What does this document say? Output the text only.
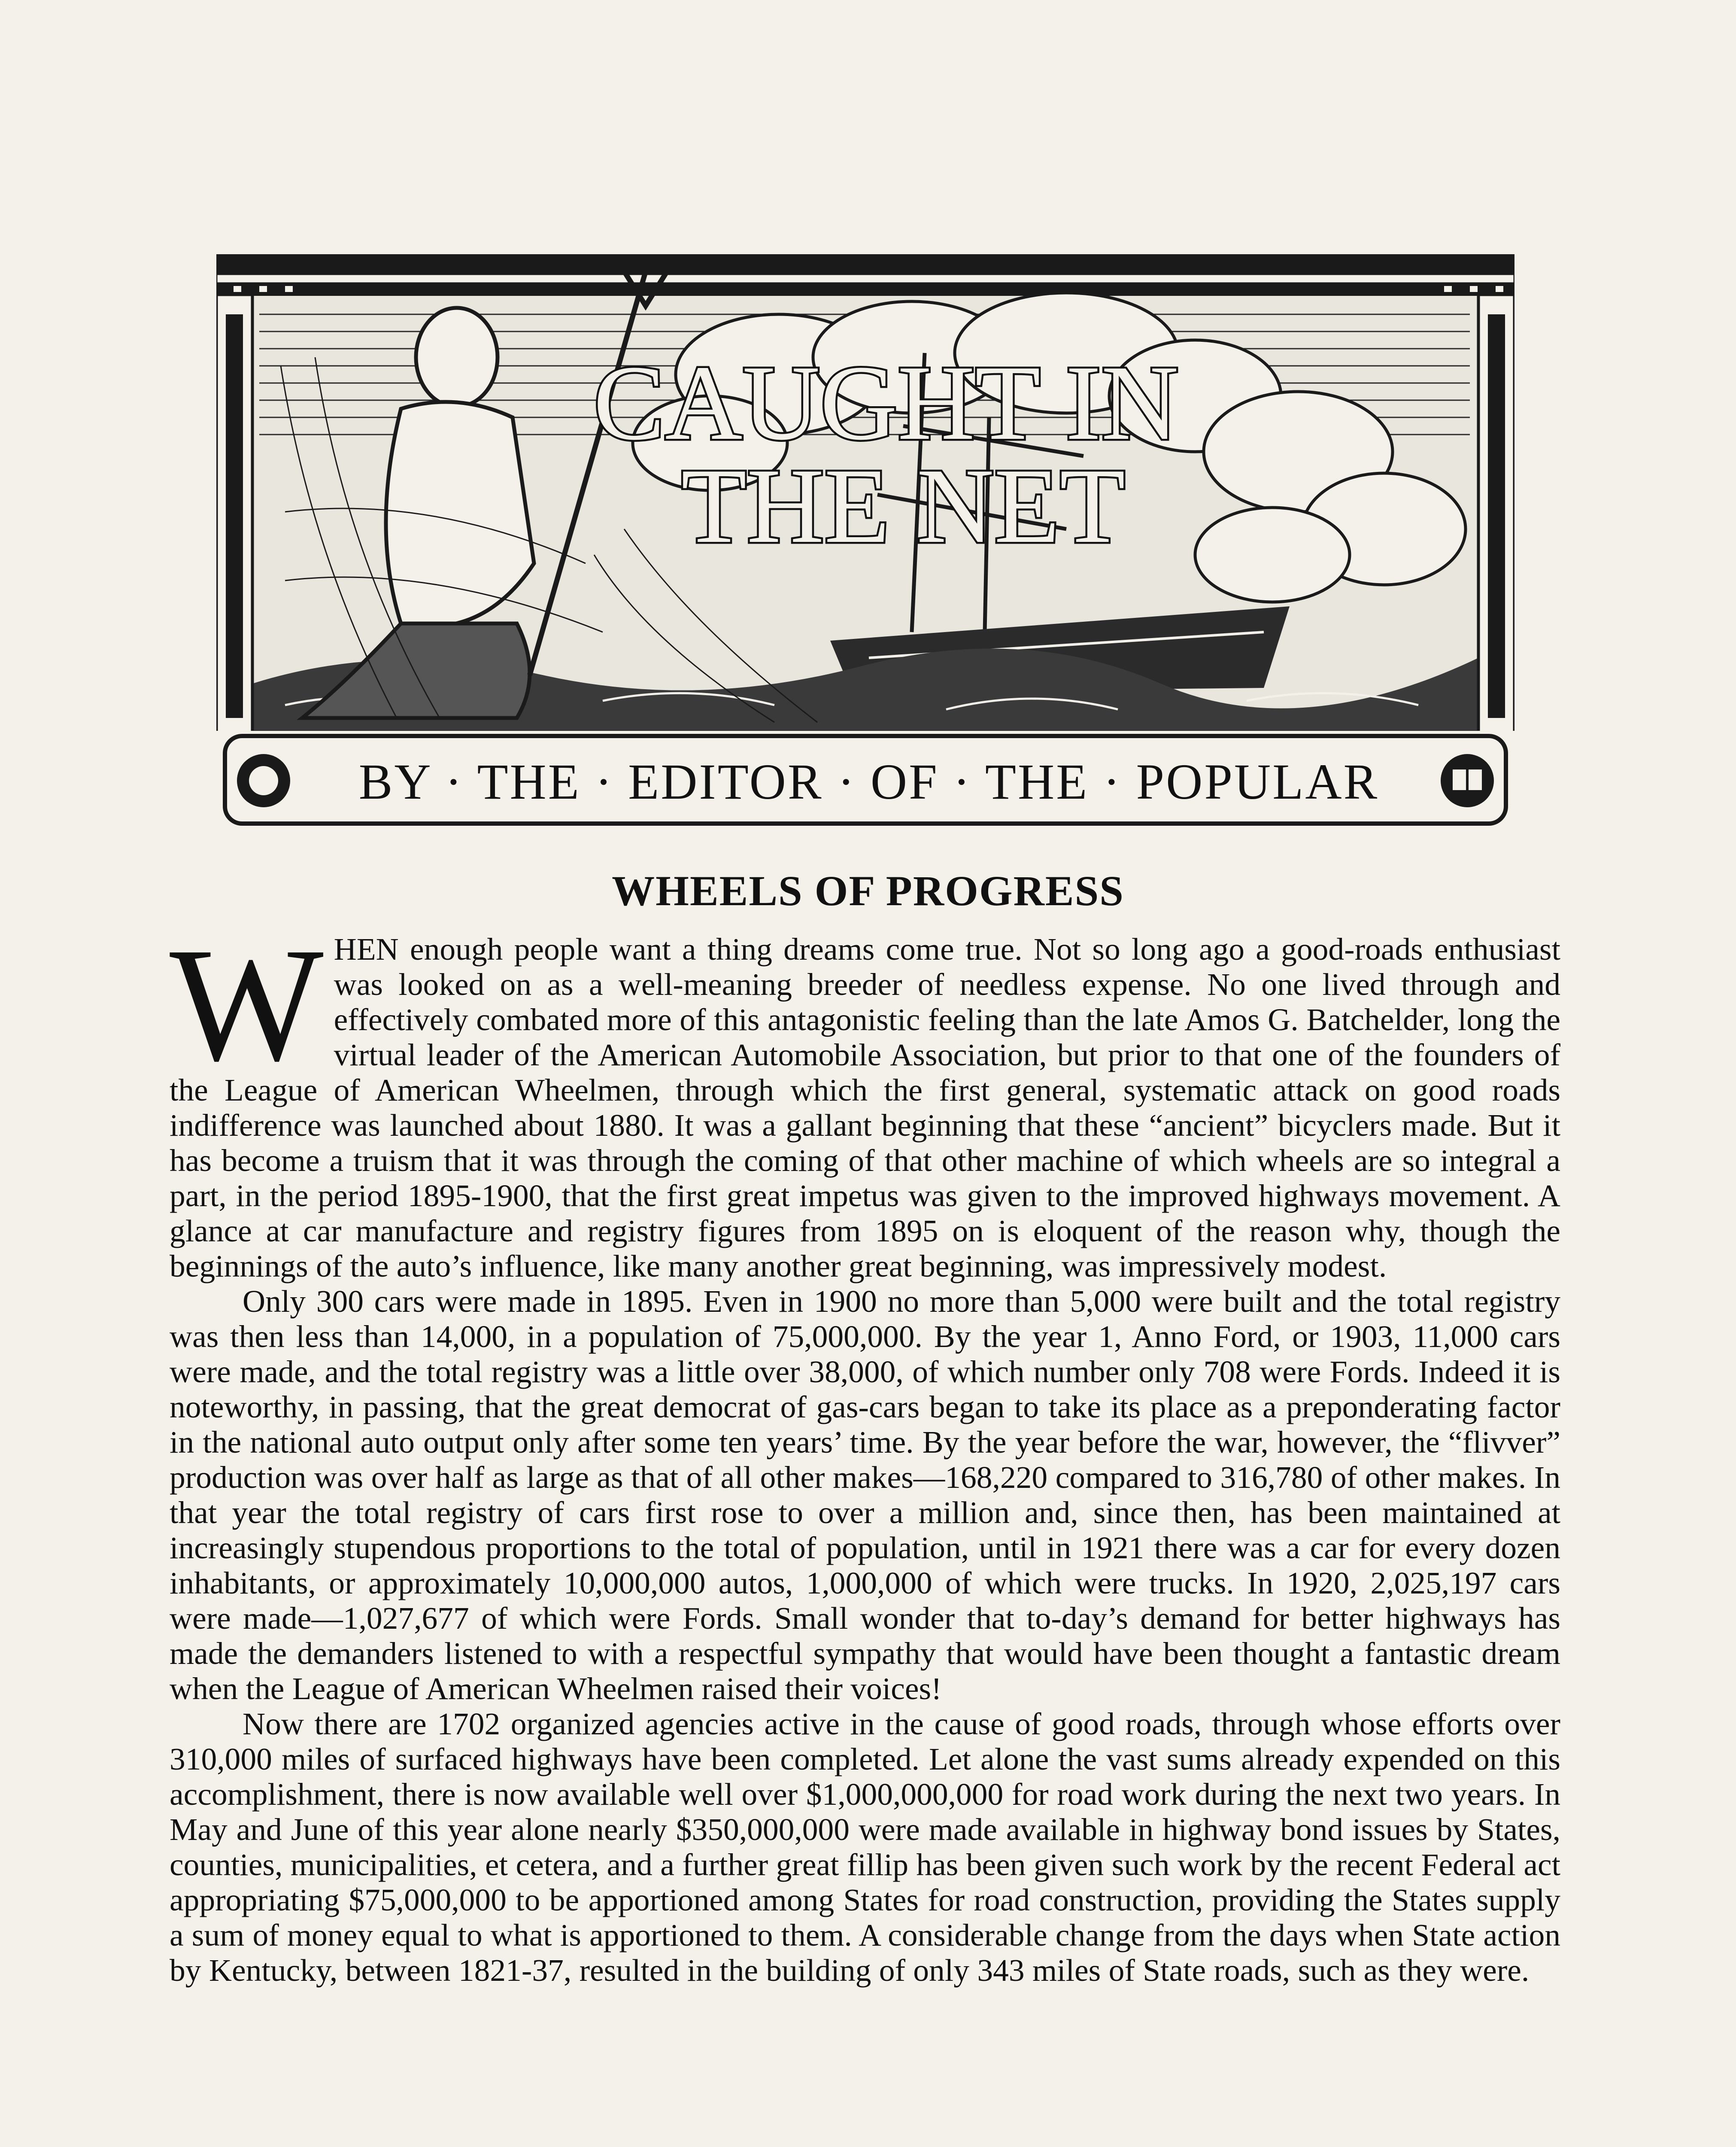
CAUGHT IN
THE NET
BY · THE · EDITOR · OF · THE · POPULAR
WHEELS OF PROGRESS

WHEN enough people want a thing dreams come true. Not so long ago a good-roads enthusiast was looked on as a well-meaning breeder of needless expense. No one lived through and effectively combated more of this antagonistic feeling than the late Amos G. Batchelder, long the virtual leader of the American Automobile Association, but prior to that one of the founders of the League of American Wheelmen, through which the first general, systematic attack on good roads indifference was launched about 1880. It was a gallant beginning that these “ancient” bicyclers made. But it has become a truism that it was through the coming of that other machine of which wheels are so integral a part, in the period 1895-1900, that the first great impetus was given to the improved highways movement. A glance at car manufacture and registry figures from 1895 on is eloquent of the reason why, though the beginnings of the auto’s influence, like many another great beginning, was impressively modest.

Only 300 cars were made in 1895. Even in 1900 no more than 5,000 were built and the total registry was then less than 14,000, in a population of 75,000,000. By the year 1, Anno Ford, or 1903, 11,000 cars were made, and the total registry was a little over 38,000, of which number only 708 were Fords. Indeed it is noteworthy, in passing, that the great democrat of gas-cars began to take its place as a preponderating factor in the national auto output only after some ten years’ time. By the year before the war, however, the “flivver” production was over half as large as that of all other makes—168,220 compared to 316,780 of other makes. In that year the total registry of cars first rose to over a million and, since then, has been maintained at increasingly stupendous proportions to the total of population, until in 1921 there was a car for every dozen inhabitants, or approximately 10,000,000 autos, 1,000,000 of which were trucks. In 1920, 2,025,197 cars were made—1,027,677 of which were Fords. Small wonder that to-day’s demand for better highways has made the demanders listened to with a respectful sympathy that would have been thought a fantastic dream when the League of American Wheelmen raised their voices!

Now there are 1702 organized agencies active in the cause of good roads, through whose efforts over 310,000 miles of surfaced highways have been completed. Let alone the vast sums already expended on this accomplishment, there is now available well over $1,000,000,000 for road work during the next two years. In May and June of this year alone nearly $350,000,000 were made available in highway bond issues by States, counties, municipalities, et cetera, and a further great fillip has been given such work by the recent Federal act appropriating $75,000,000 to be apportioned among States for road construction, providing the States supply a sum of money equal to what is apportioned to them. A considerable change from the days when State action by Kentucky, between 1821-37, resulted in the building of only 343 miles of State roads, such as they were.
